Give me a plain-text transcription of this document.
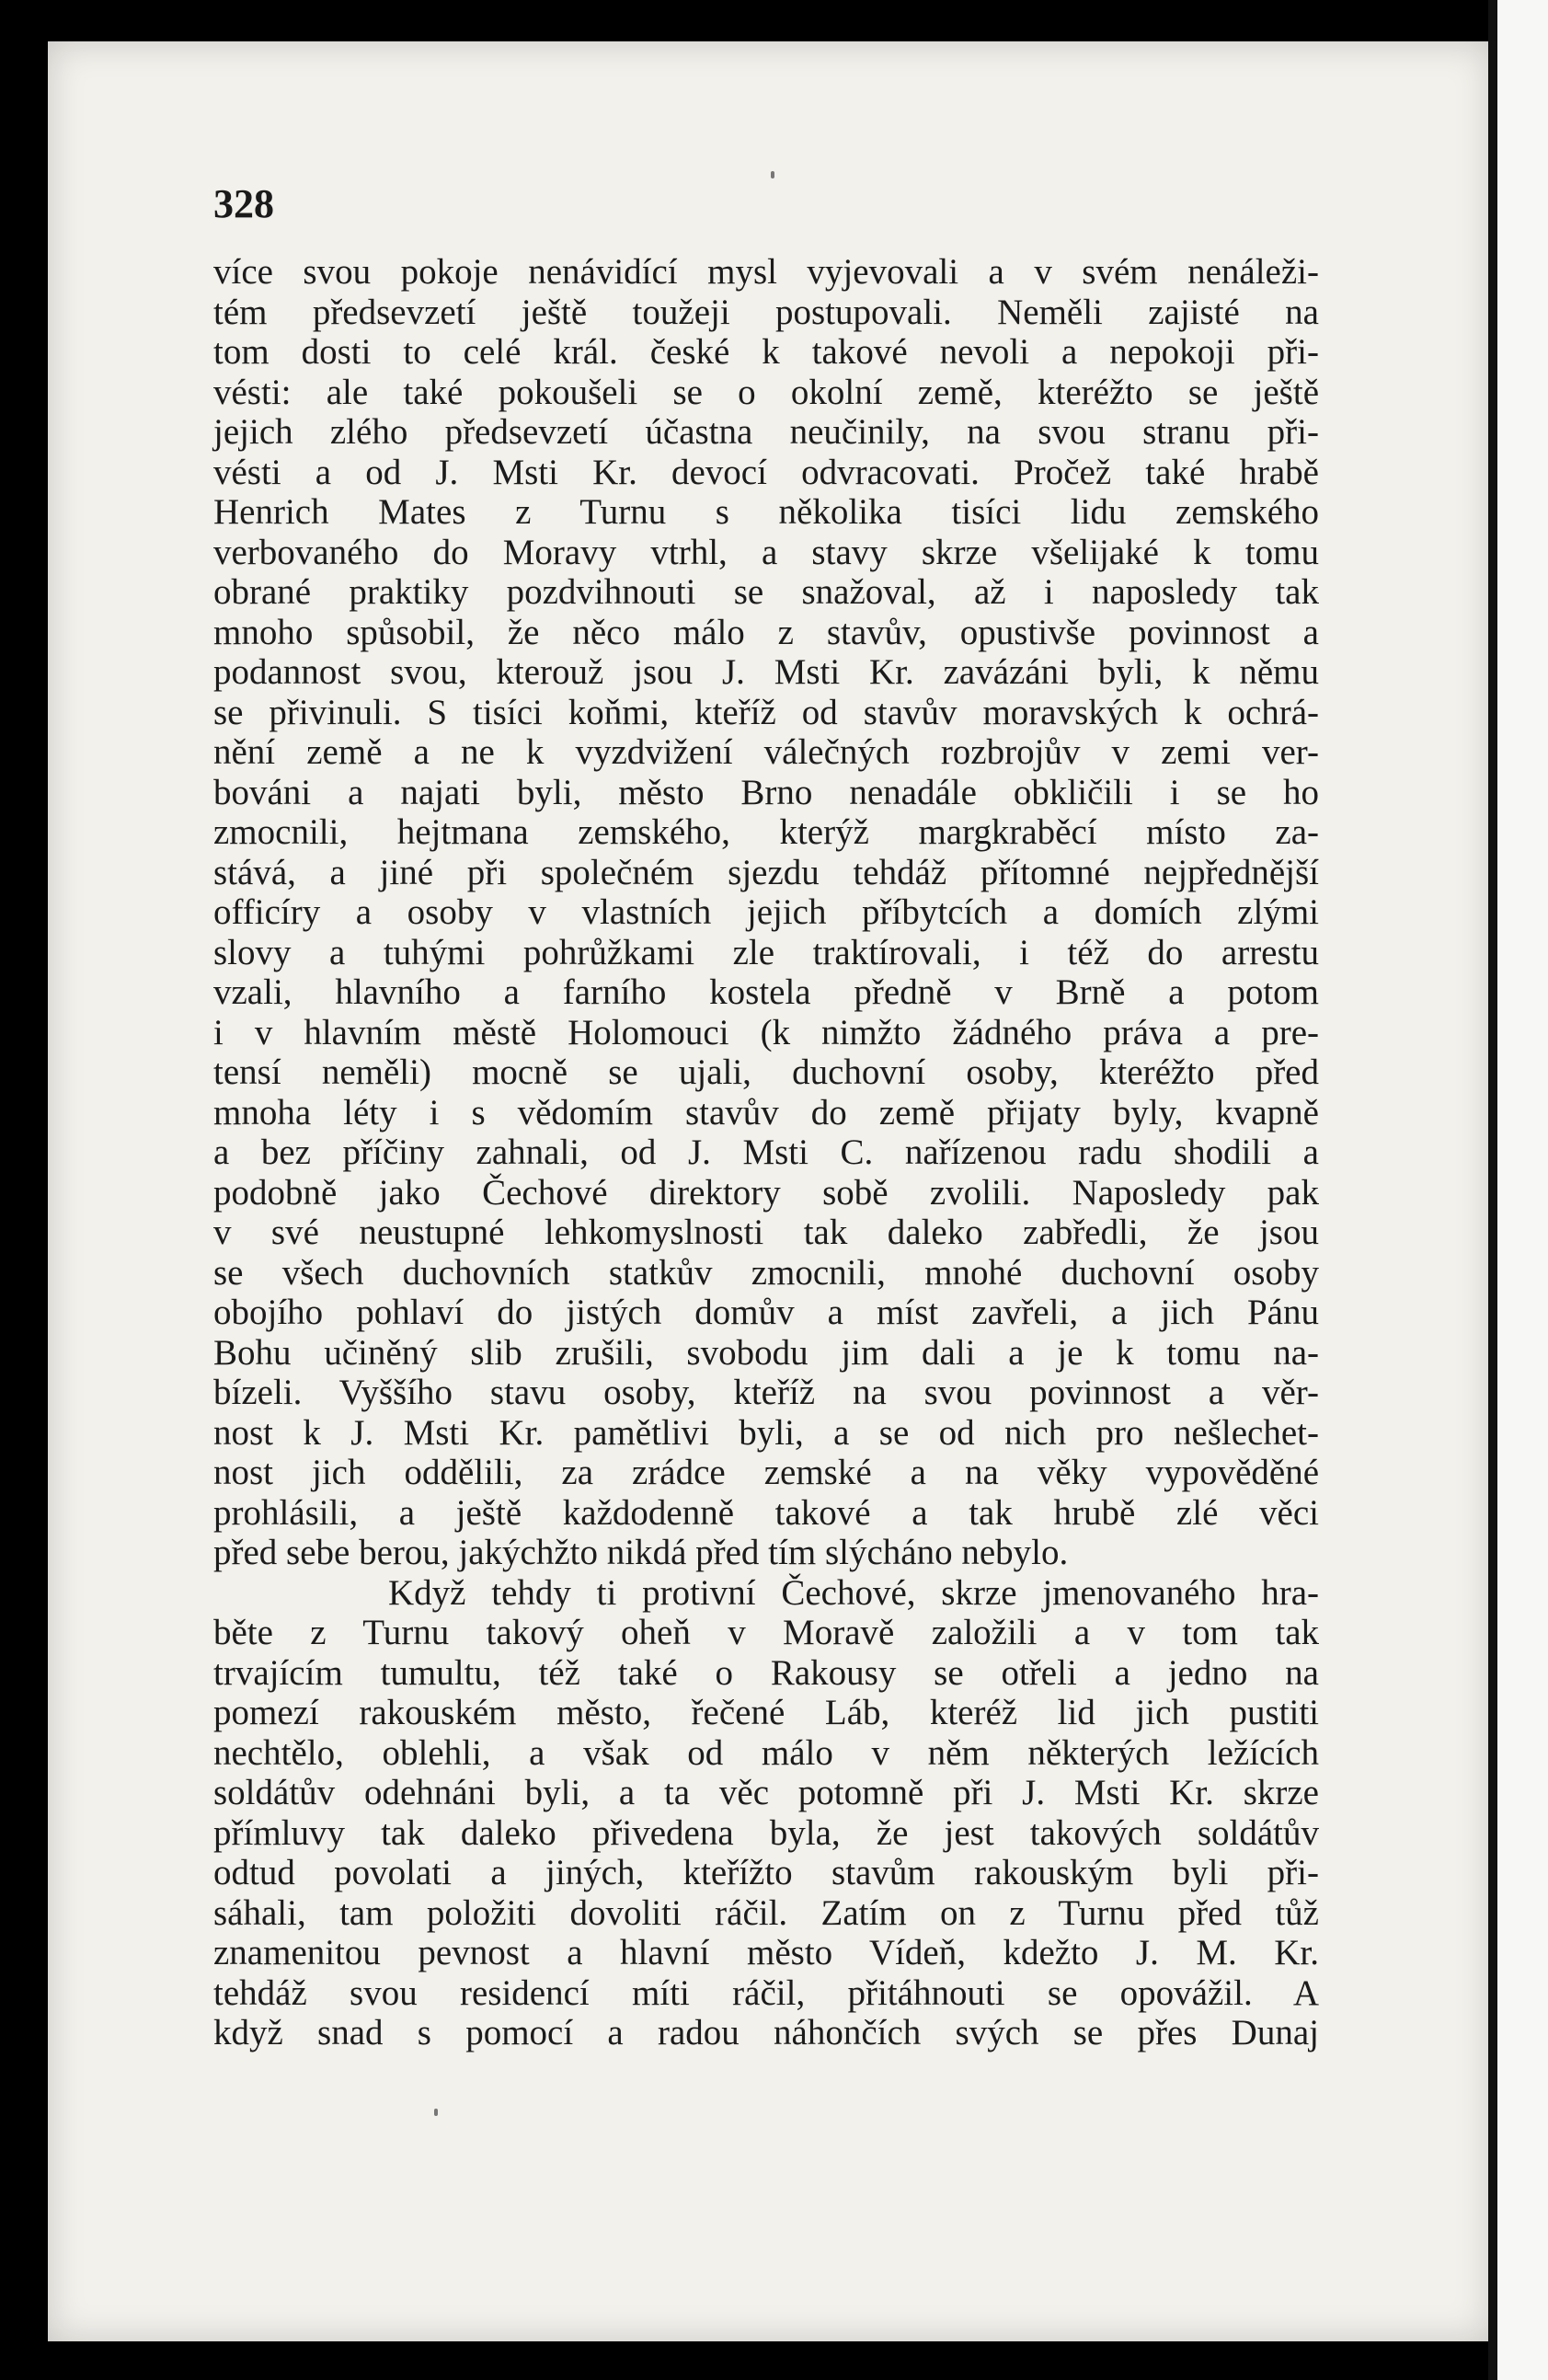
328

více svou pokoje nenávidící mysl vyjevovali a v svém nenáleži-
tém předsevzetí ještě toužeji postupovali. Neměli zajisté na
tom dosti to celé král. české k takové nevoli a nepokoji při-
vésti: ale také pokoušeli se o okolní země, kteréžto se ještě
jejich zlého předsevzetí účastna neučinily, na svou stranu při-
vésti a od J. Msti Kr. devocí odvracovati. Pročež také hrabě
Henrich Mates z Turnu s několika tisíci lidu zemského
verbovaného do Moravy vtrhl, a stavy skrze všelijaké k tomu
obrané praktiky pozdvihnouti se snažoval, až i naposledy tak
mnoho spůsobil, že něco málo z stavův, opustivše povinnost a
podannost svou, kterouž jsou J. Msti Kr. zavázáni byli, k němu
se přivinuli. S tisíci koňmi, kteříž od stavův moravských k ochrá-
nění země a ne k vyzdvižení válečných rozbrojův v zemi ver-
bováni a najati byli, město Brno nenadále obkličili i se ho
zmocnili, hejtmana zemského, kterýž margkraběcí místo za-
stává, a jiné při společném sjezdu tehdáž přítomné nejpřednější
officíry a osoby v vlastních jejich příbytcích a domích zlými
slovy a tuhými pohrůžkami zle traktírovali, i též do arrestu
vzali, hlavního a farního kostela předně v Brně a potom
i v hlavním městě Holomouci (k nimžto žádného práva a pre-
tensí neměli) mocně se ujali, duchovní osoby, kteréžto před
mnoha léty i s vědomím stavův do země přijaty byly, kvapně
a bez příčiny zahnali, od J. Msti C. nařízenou radu shodili a
podobně jako Čechové direktory sobě zvolili. Naposledy pak
v své neustupné lehkomyslnosti tak daleko zabředli, že jsou
se všech duchovních statkův zmocnili, mnohé duchovní osoby
obojího pohlaví do jistých domův a míst zavřeli, a jich Pánu
Bohu učiněný slib zrušili, svobodu jim dali a je k tomu na-
bízeli. Vyššího stavu osoby, kteříž na svou povinnost a věr-
nost k J. Msti Kr. pamětlivi byli, a se od nich pro nešlechet-
nost jich oddělili, za zrádce zemské a na věky vypověděné
prohlásili, a ještě každodenně takové a tak hrubě zlé věci
před sebe berou, jakýchžto nikdá před tím slýcháno nebylo.
Když tehdy ti protivní Čechové, skrze jmenovaného hra-
běte z Turnu takový oheň v Moravě založili a v tom tak
trvajícím tumultu, též také o Rakousy se otřeli a jedno na
pomezí rakouském město, řečené Láb, kteréž lid jich pustiti
nechtělo, oblehli, a však od málo v něm některých ležících
soldátův odehnáni byli, a ta věc potomně při J. Msti Kr. skrze
přímluvy tak daleko přivedena byla, že jest takových soldátův
odtud povolati a jiných, kteřížto stavům rakouským byli při-
sáhali, tam položiti dovoliti ráčil. Zatím on z Turnu před tůž
znamenitou pevnost a hlavní město Vídeň, kdežto J. M. Kr.
tehdáž svou residencí míti ráčil, přitáhnouti se opovážil. A
když snad s pomocí a radou náhončích svých se přes Dunaj
